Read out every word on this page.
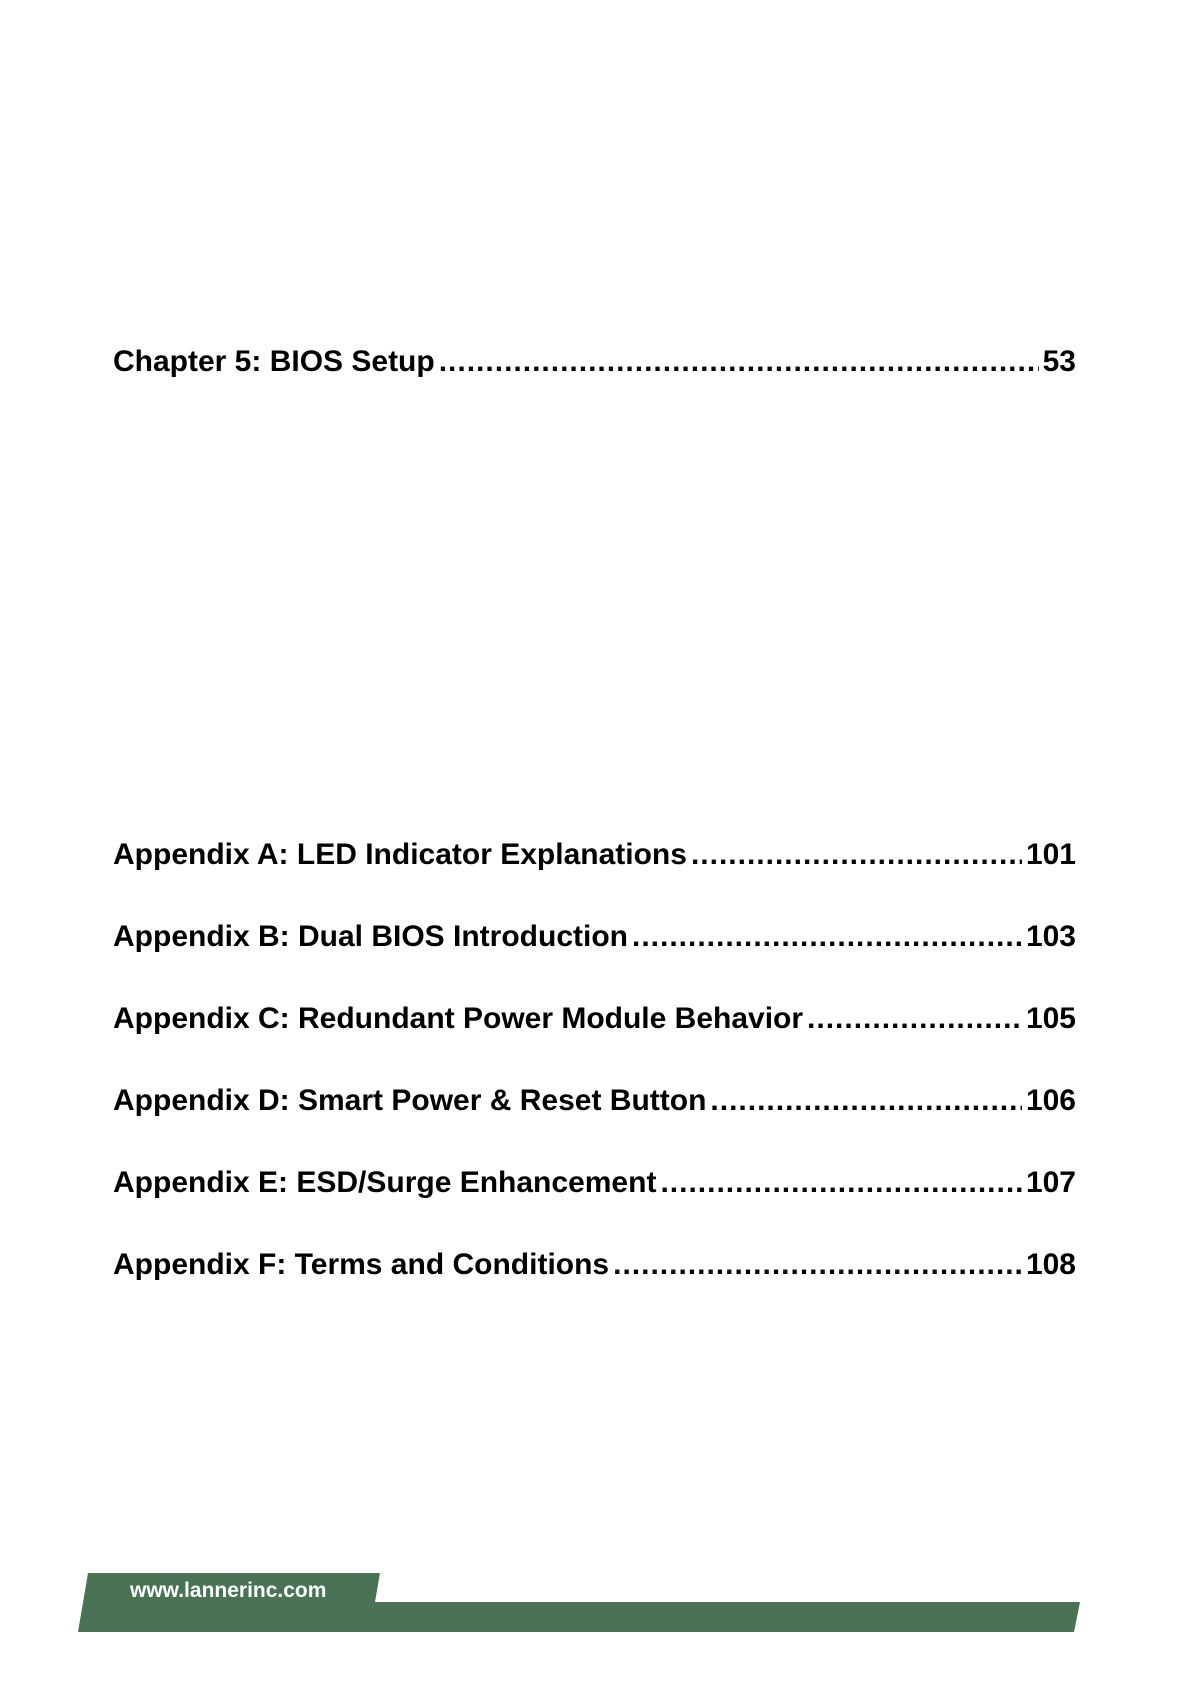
Chapter 5: BIOS Setup .....	53
Appendix A: LED Indicator Explanations .....	101
Appendix B: Dual BIOS Introduction .....	103
Appendix C: Redundant Power Module Behavior .....	105
Appendix D: Smart Power & Reset Button .....	106
Appendix E: ESD/Surge Enhancement .....	107
Appendix F: Terms and Conditions .....	108
www.lannerinc.com
